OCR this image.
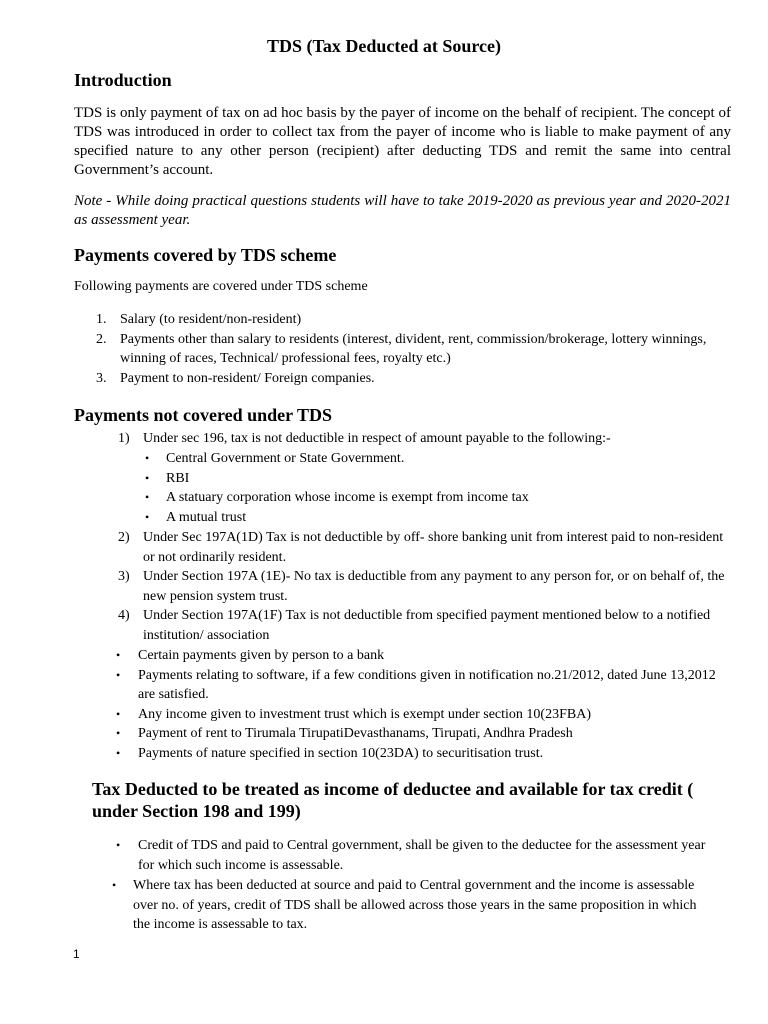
TDS (Tax Deducted at Source)
Introduction

TDS is only payment of tax on ad hoc basis by the payer of income on the behalf of recipient. The concept of TDS was introduced in order to collect tax from the payer of income who is liable to make payment of any specified nature to any other person (recipient) after deducting TDS and remit the same into central Government’s account.

Note - While doing practical questions students will have to take 2019-2020 as previous year and 2020-2021 as assessment year.

Payments covered by TDS scheme

Following payments are covered under TDS scheme

1. Salary (to resident/non-resident)
2. Payments other than salary to residents (interest, divident, rent, commission/brokerage, lottery winnings, winning of races, Technical/ professional fees, royalty etc.)
3. Payment to non-resident/ Foreign companies.
Payments not covered under TDS
1) Under sec 196, tax is not deductible in respect of amount payable to the following:-
• Central Government or State Government.
• RBI
• A statuary corporation whose income is exempt from income tax
• A mutual trust
2) Under Sec 197A(1D) Tax is not deductible by off- shore banking unit from interest paid to non-resident or not ordinarily resident.
3) Under Section 197A (1E)- No tax is deductible from any payment to any person for, or on behalf of, the new pension system trust.
4) Under Section 197A(1F) Tax is not deductible from specified payment mentioned below to a notified institution/ association
• Certain payments given by person to a bank
• Payments relating to software, if a few conditions given in notification no.21/2012, dated June 13,2012 are satisfied.
• Any income given to investment trust which is exempt under section 10(23FBA)
• Payment of rent to Tirumala TirupatiDevasthanams, Tirupati, Andhra Pradesh
• Payments of nature specified in section 10(23DA) to securitisation trust.
Tax Deducted to be treated as income of deductee and available for tax credit ( under Section 198 and 199)
• Credit of TDS and paid to Central government, shall be given to the deductee for the assessment year for which such income is assessable.
• Where tax has been deducted at source and paid to Central government and the income is assessable over no. of years, credit of TDS shall be allowed across those years in the same proposition in which the income is assessable to tax.
1
